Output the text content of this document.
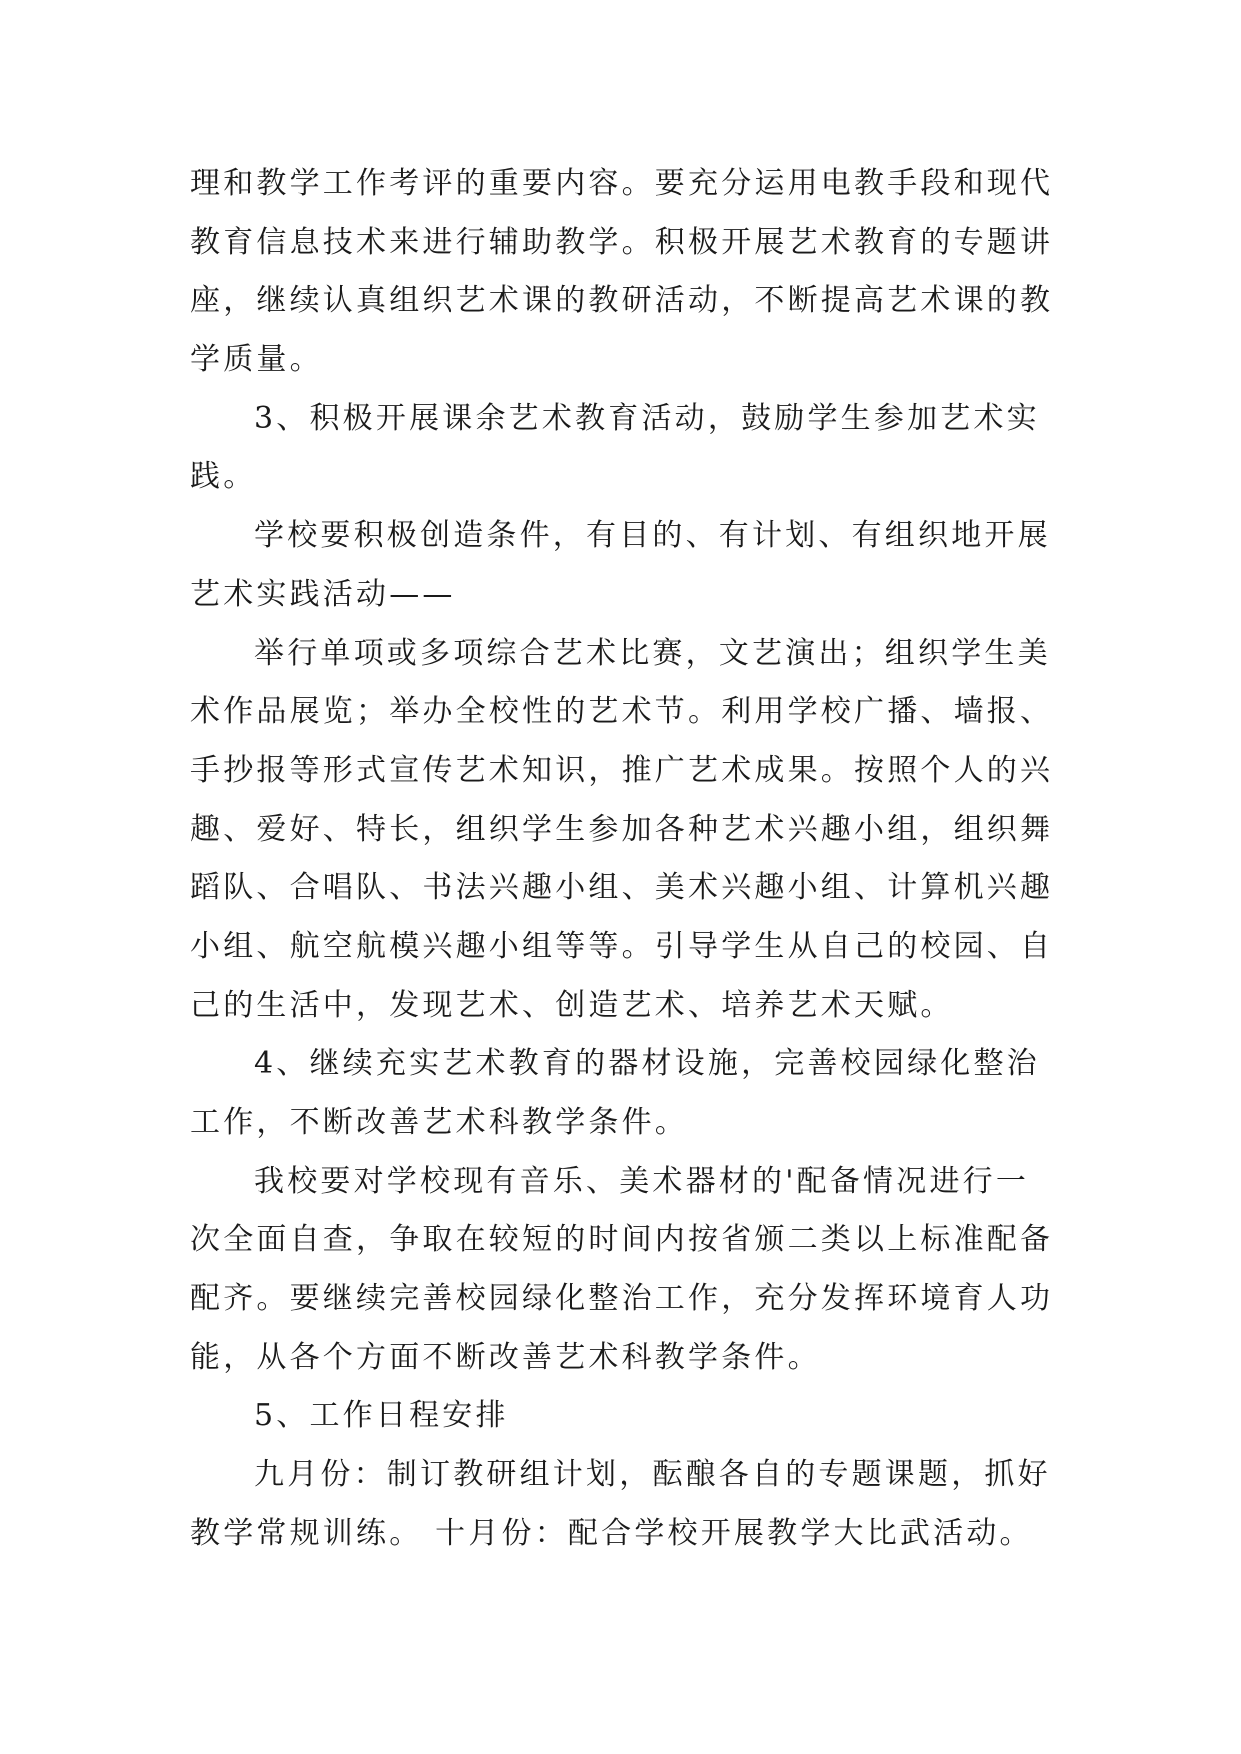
理和教学工作考评的重要内容。要充分运用电教手段和现代
教育信息技术来进行辅助教学。积极开展艺术教育的专题讲
座，继续认真组织艺术课的教研活动，不断提高艺术课的教
学质量。
3、积极开展课余艺术教育活动，鼓励学生参加艺术实
践。
学校要积极创造条件，有目的、有计划、有组织地开展
艺术实践活动——
举行单项或多项综合艺术比赛，文艺演出；组织学生美
术作品展览；举办全校性的艺术节。利用学校广播、墙报、
手抄报等形式宣传艺术知识，推广艺术成果。按照个人的兴
趣、爱好、特长，组织学生参加各种艺术兴趣小组，组织舞
蹈队、合唱队、书法兴趣小组、美术兴趣小组、计算机兴趣
小组、航空航模兴趣小组等等。引导学生从自己的校园、自
己的生活中，发现艺术、创造艺术、培养艺术天赋。
4、继续充实艺术教育的器材设施，完善校园绿化整治
工作，不断改善艺术科教学条件。
我校要对学校现有音乐、美术器材的'配备情况进行一
次全面自查，争取在较短的时间内按省颁二类以上标准配备
配齐。要继续完善校园绿化整治工作，充分发挥环境育人功
能，从各个方面不断改善艺术科教学条件。
5、工作日程安排
九月份：制订教研组计划，酝酿各自的专题课题，抓好
教学常规训练。 十月份：配合学校开展教学大比武活动。
